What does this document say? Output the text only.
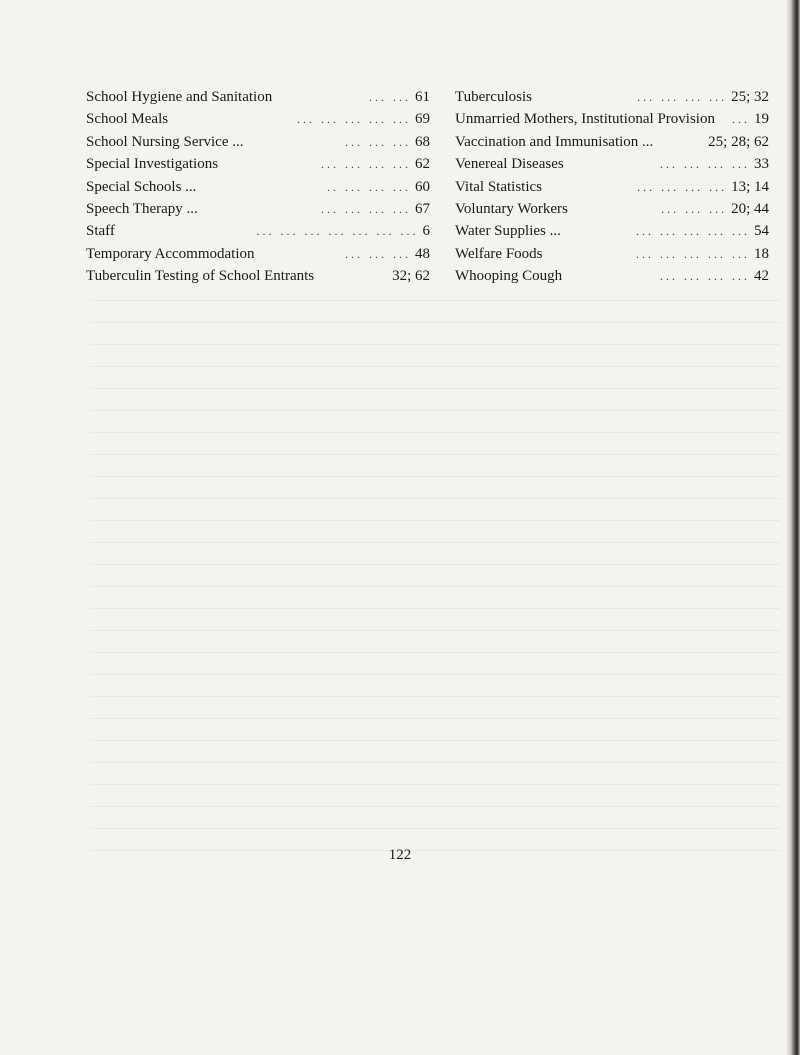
School Hygiene and Sanitation	... ... 61
School Meals	... ... ... ... ... 69
School Nursing Service ...	... ... ... 68
Special Investigations	... ... ... ... 62
Special Schools ...	.. ... ... ... 60
Speech Therapy ...	... ... ... ... 67
Staff	... ... ... ... ... ... ... 6
Temporary Accommodation	... ... ... 48
Tuberculin Testing of School Entrants	32; 62
Tuberculosis	... ... ... ... 25; 32
Unmarried Mothers, Institutional Provision	... 19
Vaccination and Immunisation ...	25; 28; 62
Venereal Diseases	... ... ... ... 33
Vital Statistics	... ... ... ... 13; 14
Voluntary Workers	... ... ... 20; 44
Water Supplies ...	... ... ... ... ... 54
Welfare Foods	... ... ... ... ... 18
Whooping Cough	... ... ... ... 42
122
